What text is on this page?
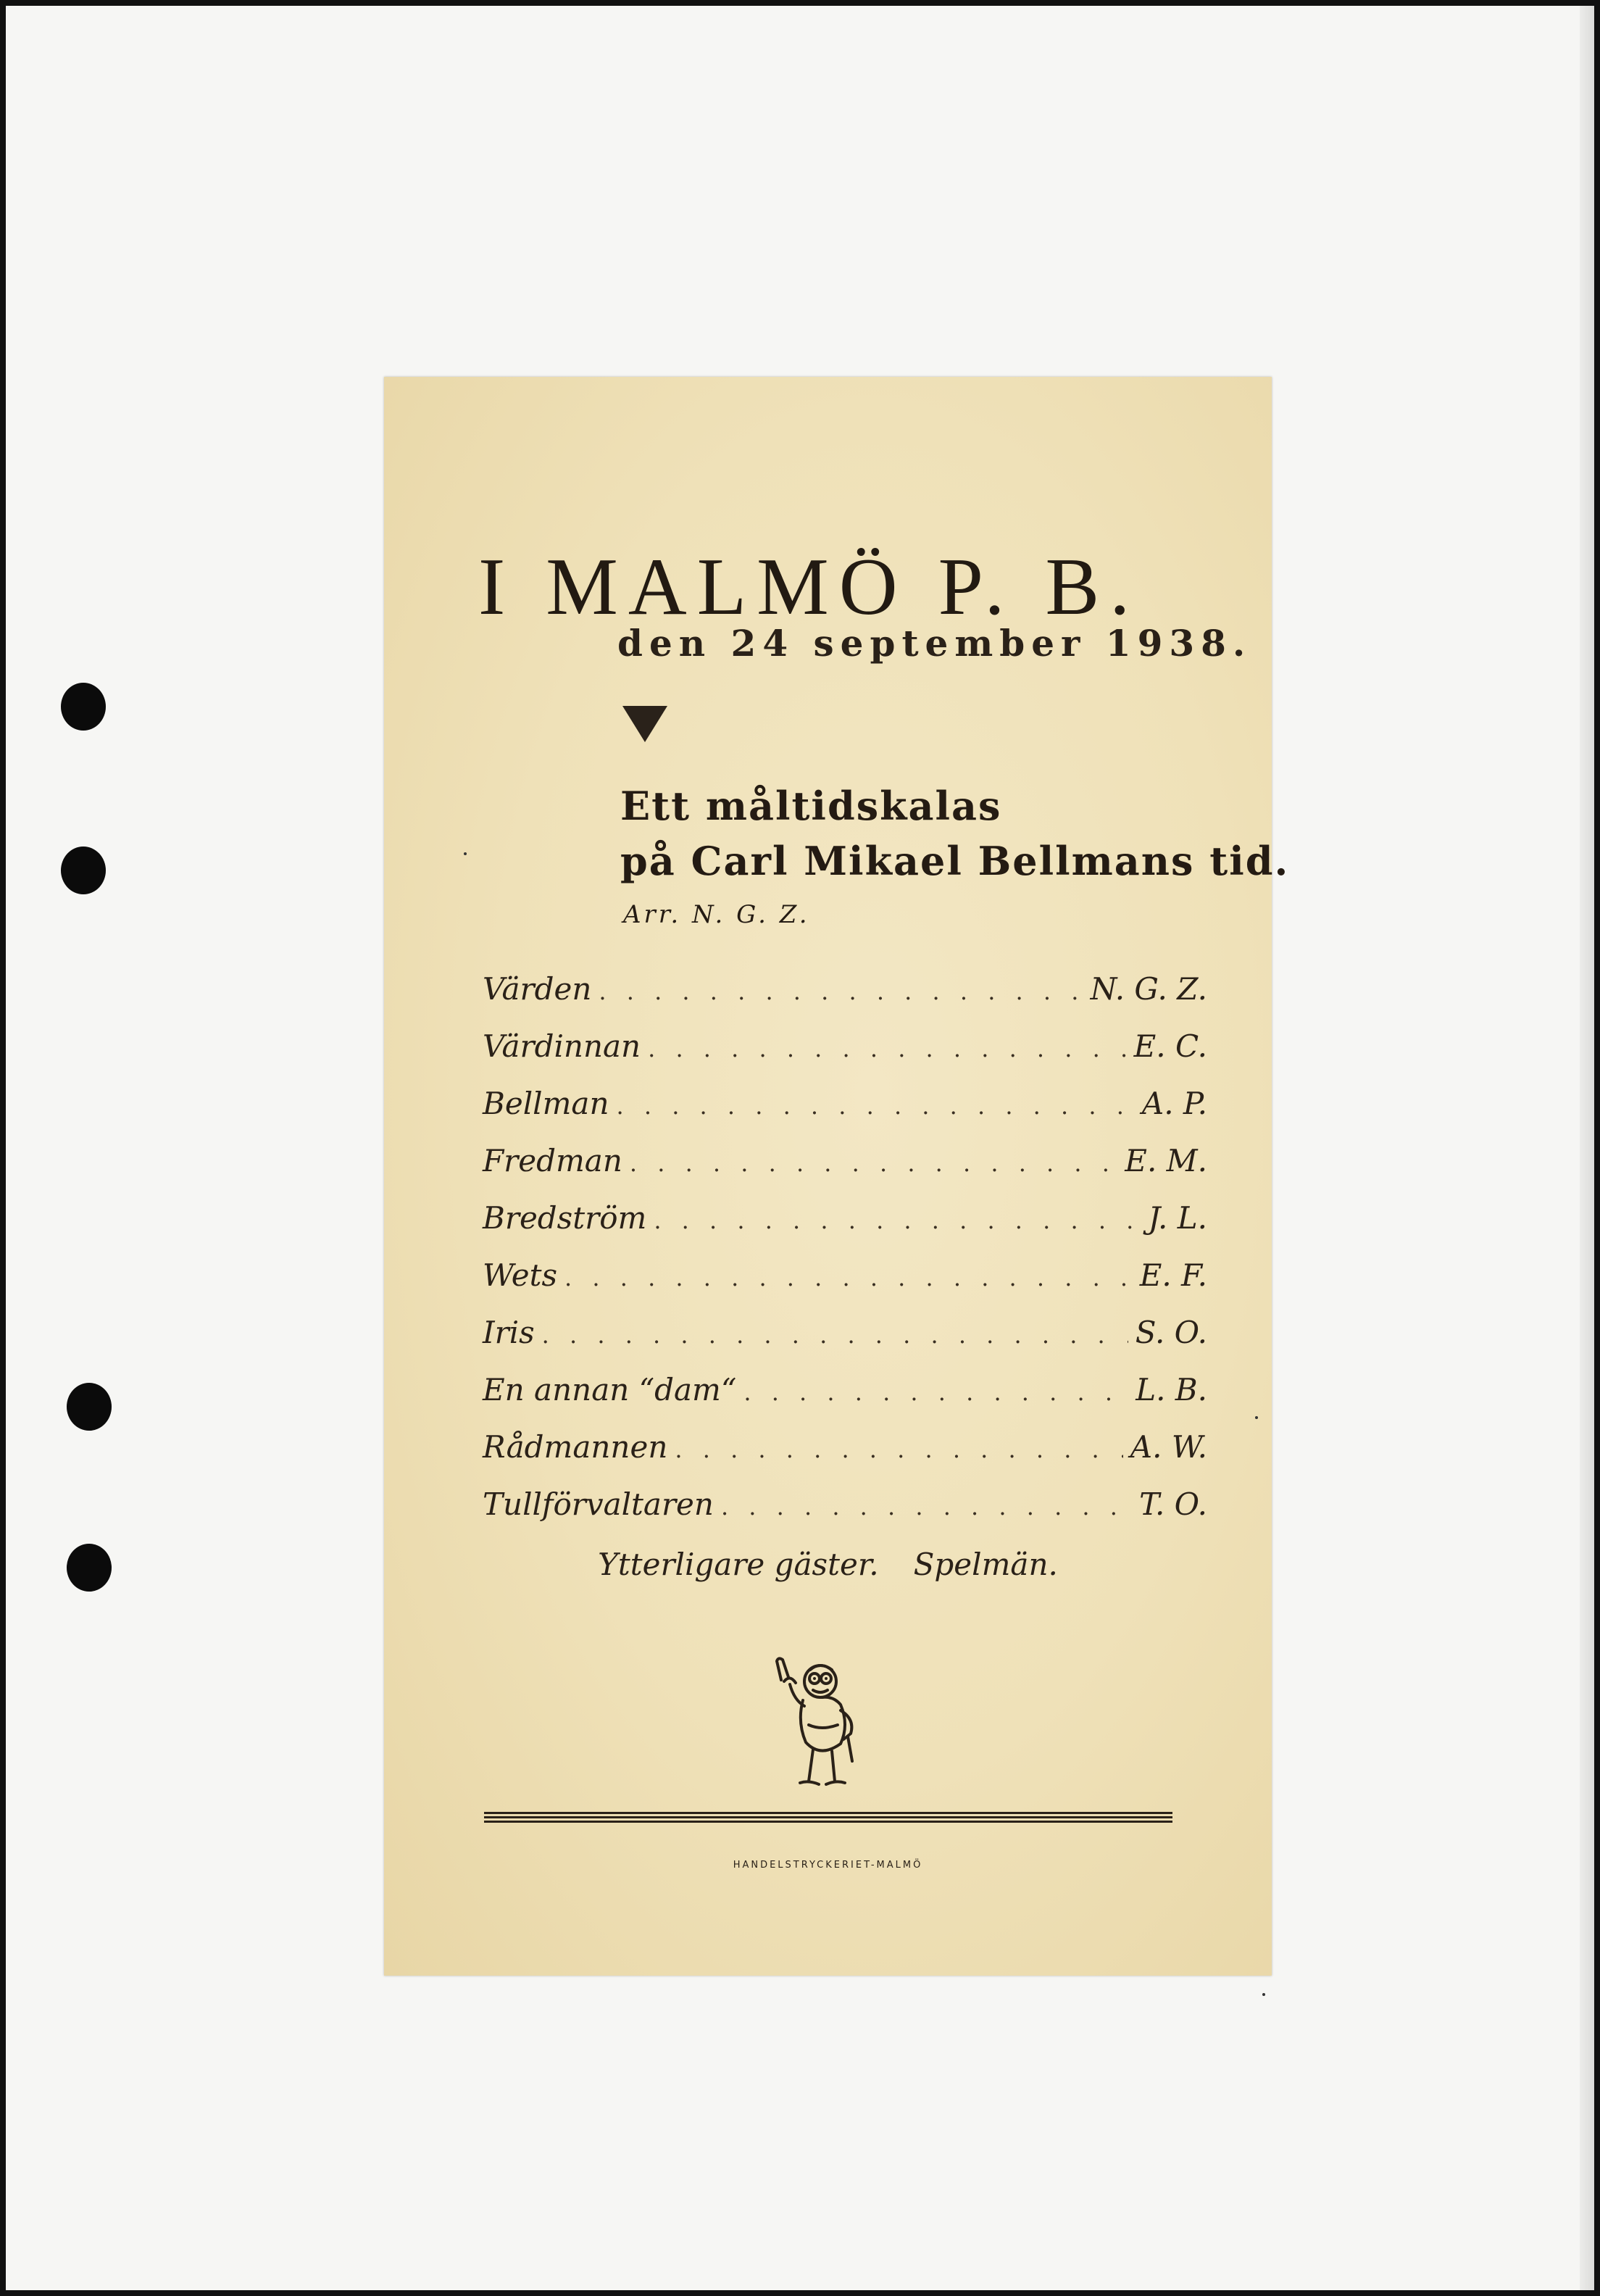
I MALMÖ P. B.

den 24 september 1938.

Ett måltidskalas

på Carl Mikael Bellmans tid.

Arr. N. G. Z.

Värden . . .	N. G. Z.
Värdinnan . . .	E. C.
Bellman . . .	A. P.
Fredman . . .	E. M.
Bredström . . .	J. L.
Wets . . .	E. F.
Iris . . .	S. O.
En annan “dam“ . . .	L. B.
Rådmannen . . .	A. W.
Tullförvaltaren . . .	T. O.

Ytterligare gäster. Spelmän.

HANDELSTRYCKERIET-MALMÖ
